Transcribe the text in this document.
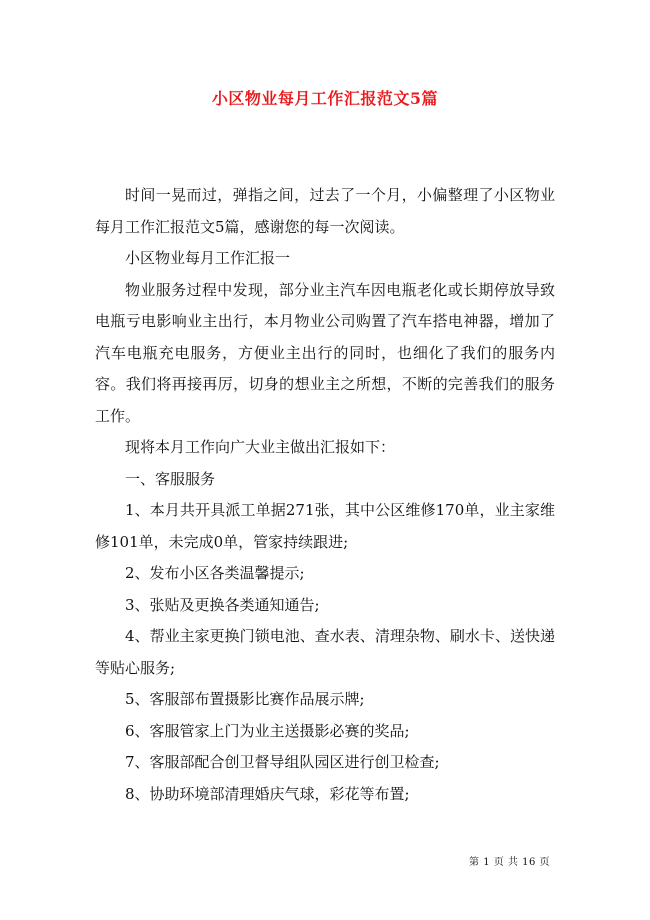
小区物业每月工作汇报范文5篇

时间一晃而过，弹指之间，过去了一个月，小偏整理了小区物业每月工作汇报范文5篇，感谢您的每一次阅读。

小区物业每月工作汇报一

物业服务过程中发现，部分业主汽车因电瓶老化或长期停放导致电瓶亏电影响业主出行，本月物业公司购置了汽车搭电神器，增加了汽车电瓶充电服务，方便业主出行的同时，也细化了我们的服务内容。我们将再接再厉，切身的想业主之所想，不断的完善我们的服务工作。

现将本月工作向广大业主做出汇报如下：

一、客服服务

1、本月共开具派工单据271张，其中公区维修170单，业主家维修101单，未完成0单，管家持续跟进;

2、发布小区各类温馨提示;

3、张贴及更换各类通知通告;

4、帮业主家更换门锁电池、查水表、清理杂物、刷水卡、送快递等贴心服务;

5、客服部布置摄影比赛作品展示牌;

6、客服管家上门为业主送摄影必赛的奖品;

7、客服部配合创卫督导组队园区进行创卫检查;

8、协助环境部清理婚庆气球，彩花等布置;

第 1 页 共 16 页
